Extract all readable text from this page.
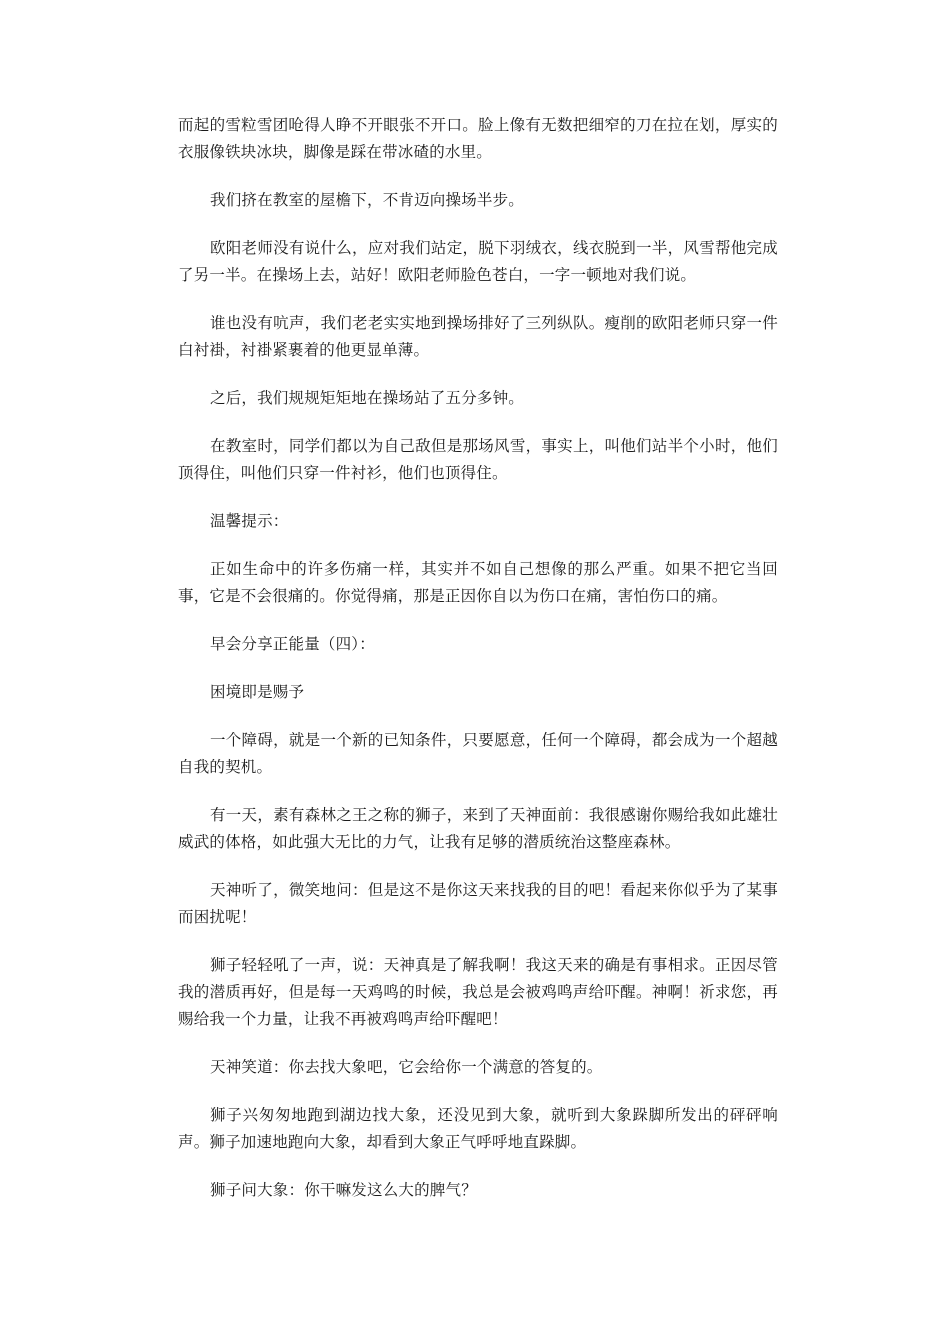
而起的雪粒雪团呛得人睁不开眼张不开口。脸上像有无数把细窄的刀在拉在划，厚实的衣服像铁块冰块，脚像是踩在带冰碴的水里。

我们挤在教室的屋檐下，不肯迈向操场半步。

欧阳老师没有说什么，应对我们站定，脱下羽绒衣，线衣脱到一半，风雪帮他完成了另一半。在操场上去，站好！欧阳老师脸色苍白，一字一顿地对我们说。

谁也没有吭声，我们老老实实地到操场排好了三列纵队。瘦削的欧阳老师只穿一件白衬褂，衬褂紧裹着的他更显单薄。

之后，我们规规矩矩地在操场站了五分多钟。

在教室时，同学们都以为自己敌但是那场风雪，事实上，叫他们站半个小时，他们顶得住，叫他们只穿一件衬衫，他们也顶得住。

温馨提示：

正如生命中的许多伤痛一样，其实并不如自己想像的那么严重。如果不把它当回事，它是不会很痛的。你觉得痛，那是正因你自以为伤口在痛，害怕伤口的痛。

早会分享正能量（四）：

困境即是赐予

一个障碍，就是一个新的已知条件，只要愿意，任何一个障碍，都会成为一个超越自我的契机。

有一天，素有森林之王之称的狮子，来到了天神面前：我很感谢你赐给我如此雄壮威武的体格，如此强大无比的力气，让我有足够的潜质统治这整座森林。

天神听了，微笑地问：但是这不是你这天来找我的目的吧！看起来你似乎为了某事而困扰呢！

狮子轻轻吼了一声，说：天神真是了解我啊！我这天来的确是有事相求。正因尽管我的潜质再好，但是每一天鸡鸣的时候，我总是会被鸡鸣声给吓醒。神啊！祈求您，再赐给我一个力量，让我不再被鸡鸣声给吓醒吧！

天神笑道：你去找大象吧，它会给你一个满意的答复的。

狮子兴匆匆地跑到湖边找大象，还没见到大象，就听到大象跺脚所发出的砰砰响声。狮子加速地跑向大象，却看到大象正气呼呼地直跺脚。

狮子问大象：你干嘛发这么大的脾气？
